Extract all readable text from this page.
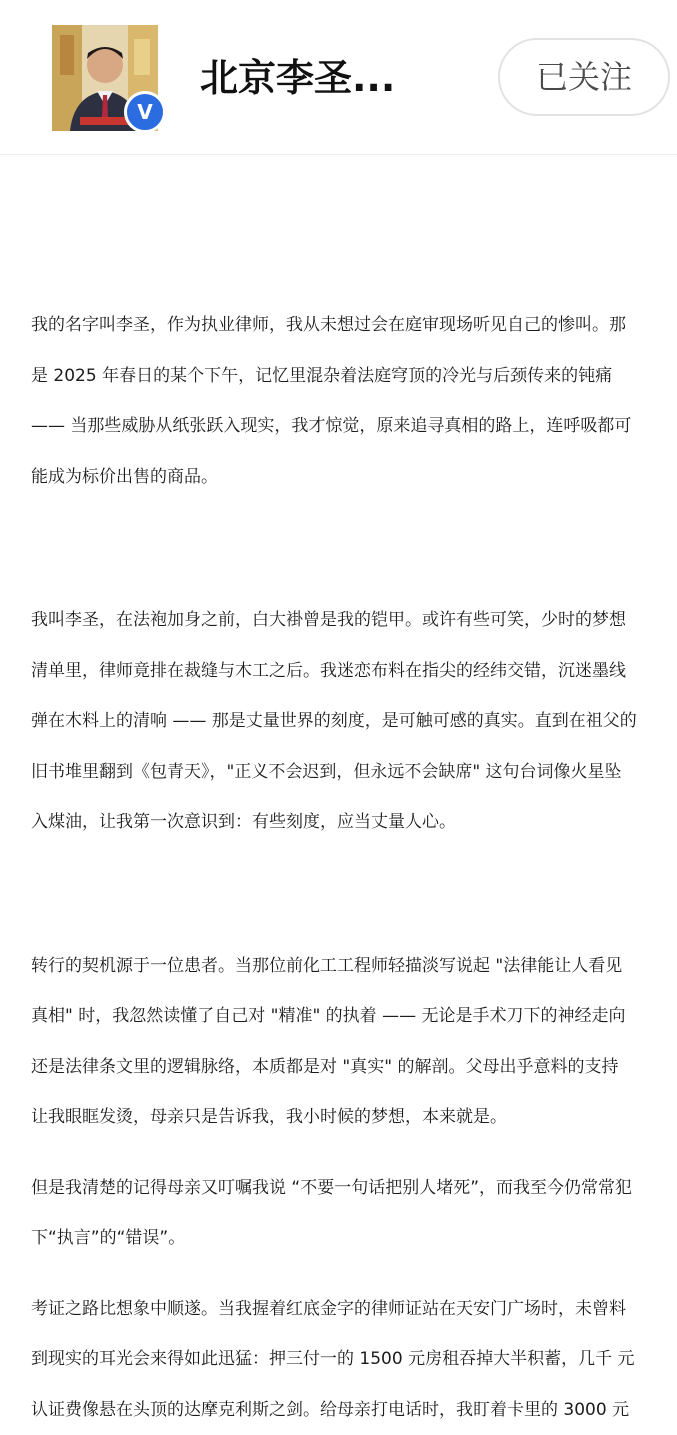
V
北京李圣...	已关注
我的名字叫李圣，作为执业律师，我从未想过会在庭审现场听见自己的惨叫。那
是 2025 年春日的某个下午，记忆里混杂着法庭穹顶的冷光与后颈传来的钝痛
—— 当那些威胁从纸张跃入现实，我才惊觉，原来追寻真相的路上，连呼吸都可
能成为标价出售的商品。
我叫李圣，在法袍加身之前，白大褂曾是我的铠甲。或许有些可笑，少时的梦想
清单里，律师竟排在裁缝与木工之后。我迷恋布料在指尖的经纬交错，沉迷墨线
弹在木料上的清响 —— 那是丈量世界的刻度，是可触可感的真实。直到在祖父的
旧书堆里翻到《包青天》，"正义不会迟到，但永远不会缺席" 这句台词像火星坠
入煤油，让我第一次意识到：有些刻度，应当丈量人心。
转行的契机源于一位患者。当那位前化工工程师轻描淡写说起 "法律能让人看见
真相" 时，我忽然读懂了自己对 "精准" 的执着 —— 无论是手术刀下的神经走向
还是法律条文里的逻辑脉络，本质都是对 "真实" 的解剖。父母出乎意料的支持
让我眼眶发烫，母亲只是告诉我，我小时候的梦想，本来就是。
但是我清楚的记得母亲又叮嘱我说 “不要一句话把别人堵死”，而我至今仍常常犯
下“执言”的“错误”。
考证之路比想象中顺遂。当我握着红底金字的律师证站在天安门广场时，未曾料
到现实的耳光会来得如此迅猛：押三付一的 1500 元房租吞掉大半积蓄，几千 元
认证费像悬在头顶的达摩克利斯之剑。给母亲打电话时，我盯着卡里的 3000 元
